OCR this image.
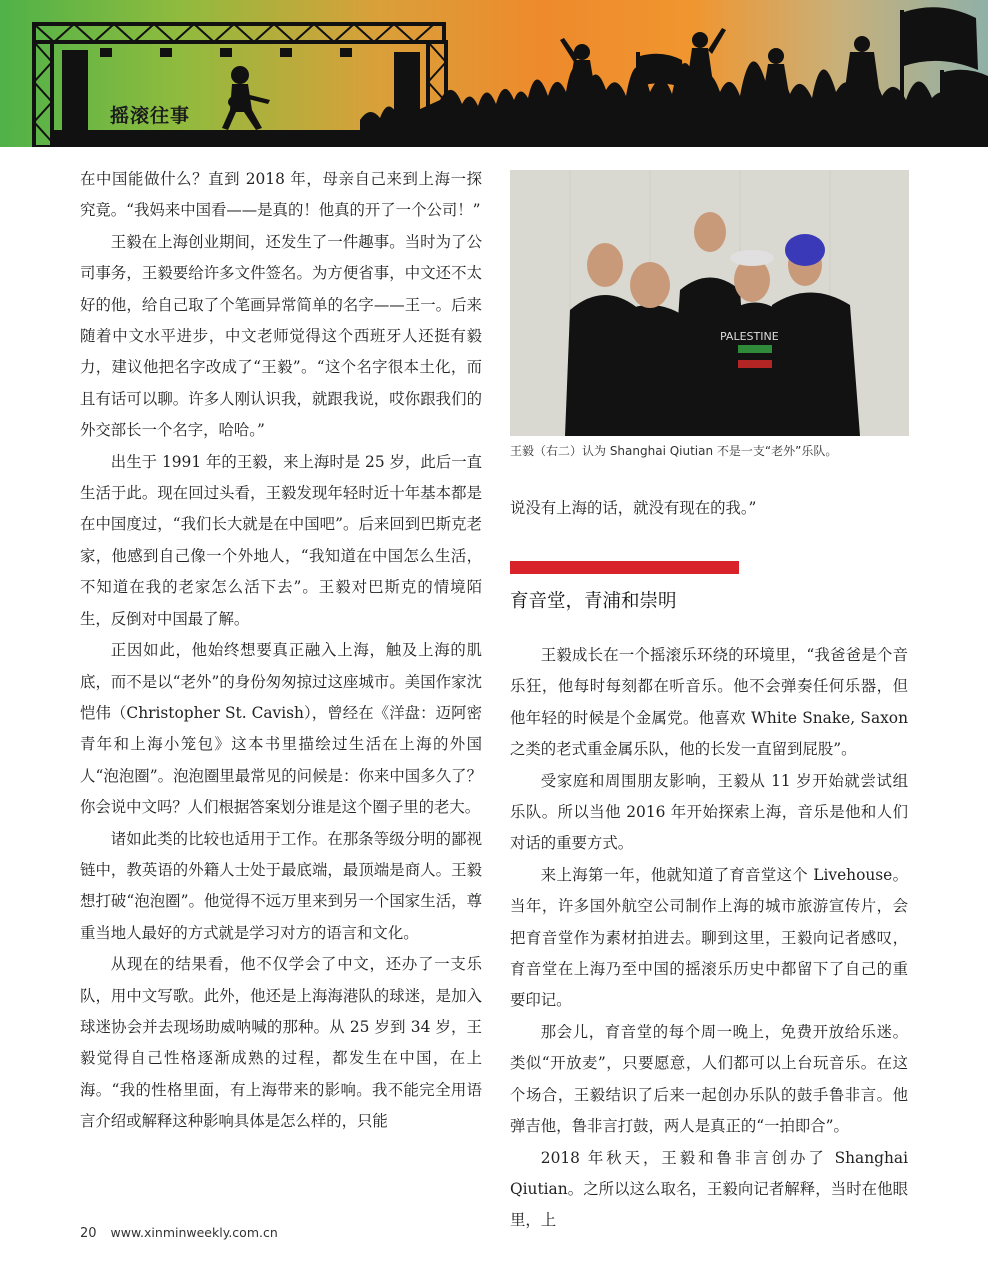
摇滚往事

在中国能做什么？直到 2018 年，母亲自己来到上海一探究竟。“我妈来中国看——是真的！他真的开了一个公司！”

王毅在上海创业期间，还发生了一件趣事。当时为了公司事务，王毅要给许多文件签名。为方便省事，中文还不太好的他，给自己取了个笔画异常简单的名字——王一。后来随着中文水平进步，中文老师觉得这个西班牙人还挺有毅力，建议他把名字改成了“王毅”。“这个名字很本土化，而且有话可以聊。许多人刚认识我，就跟我说，哎你跟我们的外交部长一个名字，哈哈。”

出生于 1991 年的王毅，来上海时是 25 岁，此后一直生活于此。现在回过头看，王毅发现年轻时近十年基本都是在中国度过，“我们长大就是在中国吧”。后来回到巴斯克老家，他感到自己像一个外地人，“我知道在中国怎么生活，不知道在我的老家怎么活下去”。王毅对巴斯克的情境陌生，反倒对中国最了解。

正因如此，他始终想要真正融入上海，触及上海的肌底，而不是以“老外”的身份匆匆掠过这座城市。美国作家沈恺伟（Christopher St. Cavish），曾经在《洋盘：迈阿密青年和上海小笼包》这本书里描绘过生活在上海的外国人“泡泡圈”。泡泡圈里最常见的问候是：你来中国多久了？你会说中文吗？人们根据答案划分谁是这个圈子里的老大。

诸如此类的比较也适用于工作。在那条等级分明的鄙视链中，教英语的外籍人士处于最底端，最顶端是商人。王毅想打破“泡泡圈”。他觉得不远万里来到另一个国家生活，尊重当地人最好的方式就是学习对方的语言和文化。

从现在的结果看，他不仅学会了中文，还办了一支乐队，用中文写歌。此外，他还是上海海港队的球迷，是加入球迷协会并去现场助威呐喊的那种。从 25 岁到 34 岁，王毅觉得自己性格逐渐成熟的过程，都发生在中国，在上海。“我的性格里面，有上海带来的影响。我不能完全用语言介绍或解释这种影响具体是怎么样的，只能

PALESTINE
王毅（右二）认为 Shanghai Qiutian 不是一支“老外”乐队。

说没有上海的话，就没有现在的我。”

育音堂，青浦和崇明

王毅成长在一个摇滚乐环绕的环境里，“我爸爸是个音乐狂，他每时每刻都在听音乐。他不会弹奏任何乐器，但他年轻的时候是个金属党。他喜欢 White Snake, Saxon 之类的老式重金属乐队，他的长发一直留到屁股”。

受家庭和周围朋友影响，王毅从 11 岁开始就尝试组乐队。所以当他 2016 年开始探索上海，音乐是他和人们对话的重要方式。

来上海第一年，他就知道了育音堂这个 Livehouse。当年，许多国外航空公司制作上海的城市旅游宣传片，会把育音堂作为素材拍进去。聊到这里，王毅向记者感叹，育音堂在上海乃至中国的摇滚乐历史中都留下了自己的重要印记。

那会儿，育音堂的每个周一晚上，免费开放给乐迷。类似“开放麦”，只要愿意，人们都可以上台玩音乐。在这个场合，王毅结识了后来一起创办乐队的鼓手鲁非言。他弹吉他，鲁非言打鼓，两人是真正的“一拍即合”。

2018 年秋天，王毅和鲁非言创办了 Shanghai Qiutian。之所以这么取名，王毅向记者解释，当时在他眼里，上

20 www.xinminweekly.com.cn
